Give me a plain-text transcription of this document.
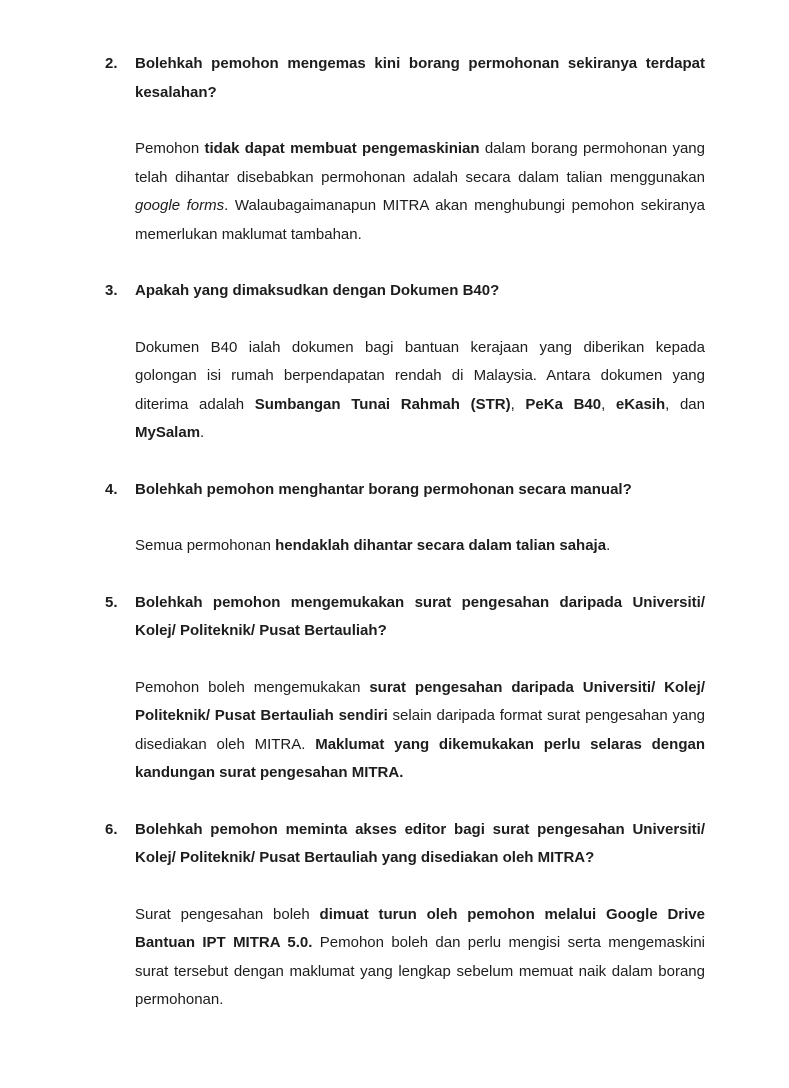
2.	Bolehkah pemohon mengemas kini borang permohonan sekiranya terdapat kesalahan?

Pemohon tidak dapat membuat pengemaskinian dalam borang permohonan yang telah dihantar disebabkan permohonan adalah secara dalam talian menggunakan google forms. Walaubagaimanapun MITRA akan menghubungi pemohon sekiranya memerlukan maklumat tambahan.

3.	Apakah yang dimaksudkan dengan Dokumen B40?

Dokumen B40 ialah dokumen bagi bantuan kerajaan yang diberikan kepada golongan isi rumah berpendapatan rendah di Malaysia. Antara dokumen yang diterima adalah Sumbangan Tunai Rahmah (STR), PeKa B40, eKasih, dan MySalam.

4.	Bolehkah pemohon menghantar borang permohonan secara manual?

Semua permohonan hendaklah dihantar secara dalam talian sahaja.

5.	Bolehkah pemohon mengemukakan surat pengesahan daripada Universiti/ Kolej/ Politeknik/ Pusat Bertauliah?

Pemohon boleh mengemukakan surat pengesahan daripada Universiti/ Kolej/ Politeknik/ Pusat Bertauliah sendiri selain daripada format surat pengesahan yang disediakan oleh MITRA. Maklumat yang dikemukakan perlu selaras dengan kandungan surat pengesahan MITRA.

6.	Bolehkah pemohon meminta akses editor bagi surat pengesahan Universiti/ Kolej/ Politeknik/ Pusat Bertauliah yang disediakan oleh MITRA?

Surat pengesahan boleh dimuat turun oleh pemohon melalui Google Drive Bantuan IPT MITRA 5.0. Pemohon boleh dan perlu mengisi serta mengemaskini surat tersebut dengan maklumat yang lengkap sebelum memuat naik dalam borang permohonan.
